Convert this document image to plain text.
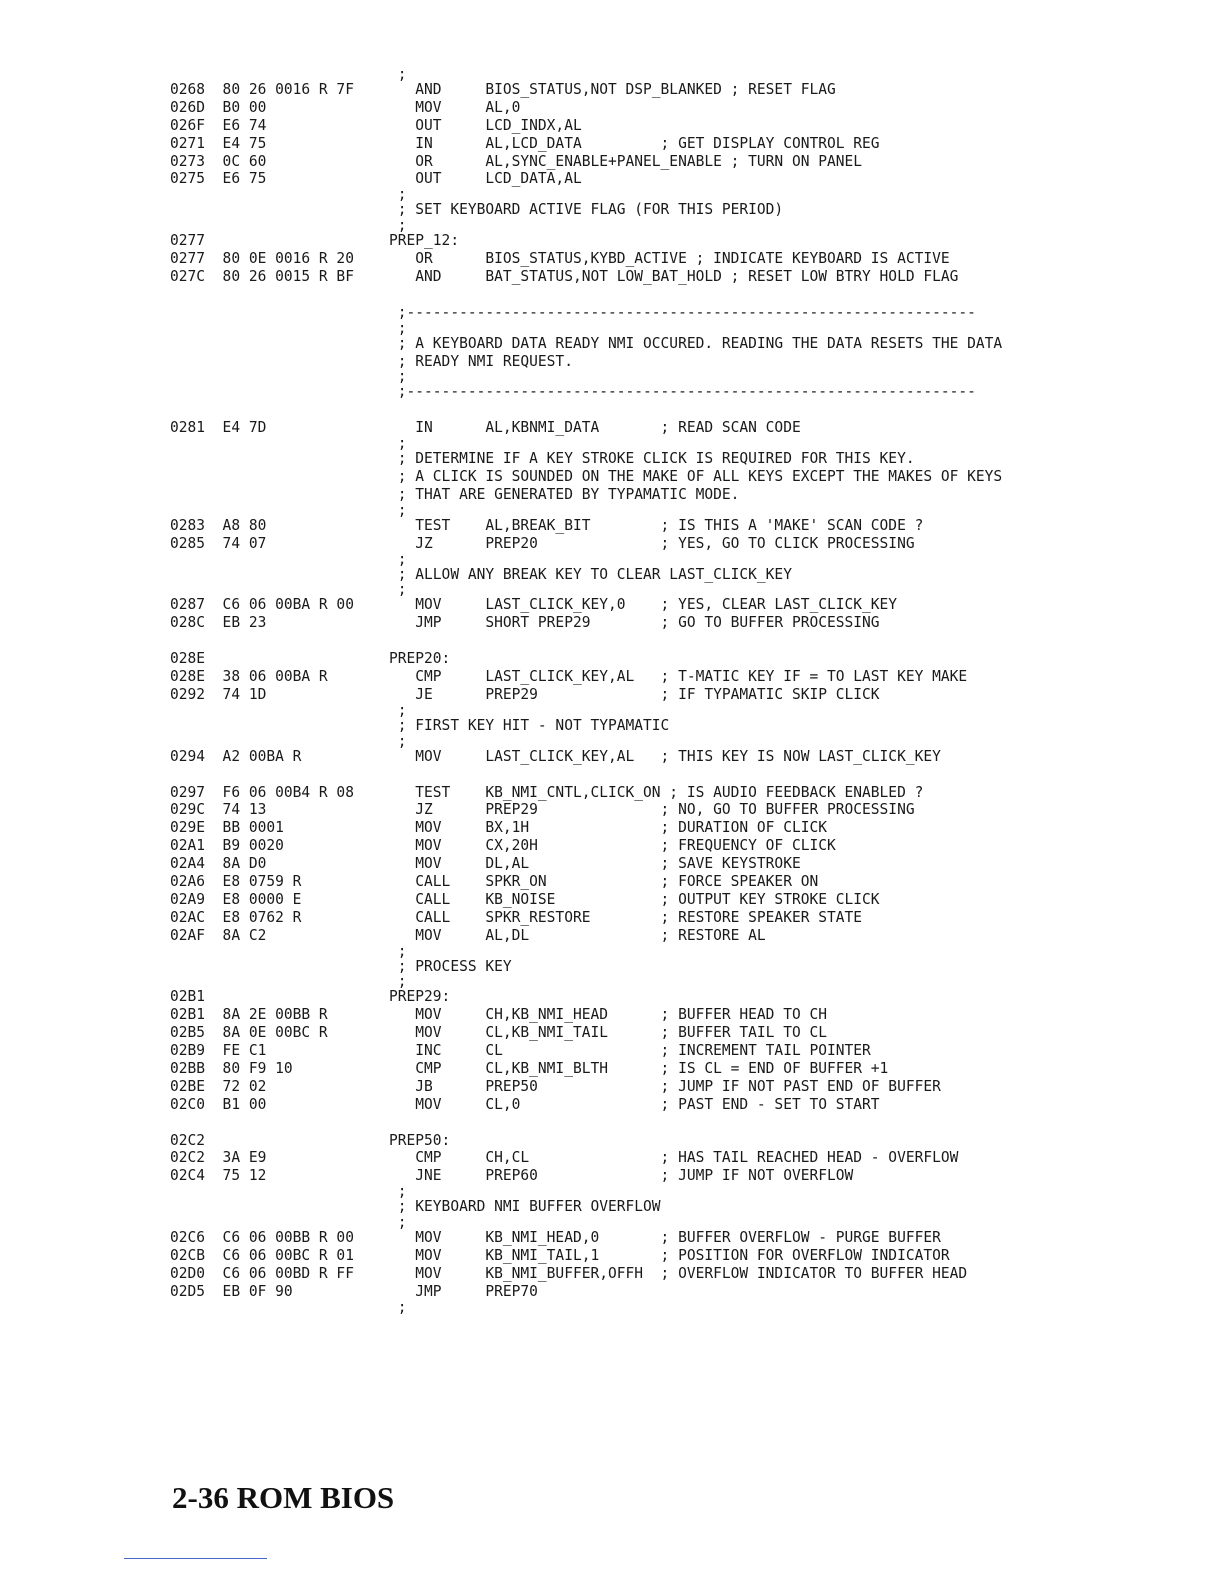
;
0268  80 26 0016 R 7F       AND     BIOS_STATUS,NOT DSP_BLANKED ; RESET FLAG
026D  B0 00                 MOV     AL,0
026F  E6 74                 OUT     LCD_INDX,AL
0271  E4 75                 IN      AL,LCD_DATA         ; GET DISPLAY CONTROL REG
0273  0C 60                 OR      AL,SYNC_ENABLE+PANEL_ENABLE ; TURN ON PANEL
0275  E6 75                 OUT     LCD_DATA,AL
;
; SET KEYBOARD ACTIVE FLAG (FOR THIS PERIOD)
;
0277                     PREP_12:
0277  80 0E 0016 R 20       OR      BIOS_STATUS,KYBD_ACTIVE ; INDICATE KEYBOARD IS ACTIVE
027C  80 26 0015 R BF       AND     BAT_STATUS,NOT LOW_BAT_HOLD ; RESET LOW BTRY HOLD FLAG
;-----------------------------------------------------------------
;
; A KEYBOARD DATA READY NMI OCCURED. READING THE DATA RESETS THE DATA
; READY NMI REQUEST.
;
;-----------------------------------------------------------------
0281  E4 7D                 IN      AL,KBNMI_DATA       ; READ SCAN CODE
;
; DETERMINE IF A KEY STROKE CLICK IS REQUIRED FOR THIS KEY.
; A CLICK IS SOUNDED ON THE MAKE OF ALL KEYS EXCEPT THE MAKES OF KEYS
; THAT ARE GENERATED BY TYPAMATIC MODE.
;
0283  A8 80                 TEST    AL,BREAK_BIT        ; IS THIS A 'MAKE' SCAN CODE ?
0285  74 07                 JZ      PREP20              ; YES, GO TO CLICK PROCESSING
;
; ALLOW ANY BREAK KEY TO CLEAR LAST_CLICK_KEY
;
0287  C6 06 00BA R 00       MOV     LAST_CLICK_KEY,0    ; YES, CLEAR LAST_CLICK_KEY
028C  EB 23                 JMP     SHORT PREP29        ; GO TO BUFFER PROCESSING
028E                     PREP20:
028E  38 06 00BA R          CMP     LAST_CLICK_KEY,AL   ; T-MATIC KEY IF = TO LAST KEY MAKE
0292  74 1D                 JE      PREP29              ; IF TYPAMATIC SKIP CLICK
;
; FIRST KEY HIT - NOT TYPAMATIC
;
0294  A2 00BA R             MOV     LAST_CLICK_KEY,AL   ; THIS KEY IS NOW LAST_CLICK_KEY
0297  F6 06 00B4 R 08       TEST    KB_NMI_CNTL,CLICK_ON ; IS AUDIO FEEDBACK ENABLED ?
029C  74 13                 JZ      PREP29              ; NO, GO TO BUFFER PROCESSING
029E  BB 0001               MOV     BX,1H               ; DURATION OF CLICK
02A1  B9 0020               MOV     CX,20H              ; FREQUENCY OF CLICK
02A4  8A D0                 MOV     DL,AL               ; SAVE KEYSTROKE
02A6  E8 0759 R             CALL    SPKR_ON             ; FORCE SPEAKER ON
02A9  E8 0000 E             CALL    KB_NOISE            ; OUTPUT KEY STROKE CLICK
02AC  E8 0762 R             CALL    SPKR_RESTORE        ; RESTORE SPEAKER STATE
02AF  8A C2                 MOV     AL,DL               ; RESTORE AL
;
; PROCESS KEY
;
02B1                     PREP29:
02B1  8A 2E 00BB R          MOV     CH,KB_NMI_HEAD      ; BUFFER HEAD TO CH
02B5  8A 0E 00BC R          MOV     CL,KB_NMI_TAIL      ; BUFFER TAIL TO CL
02B9  FE C1                 INC     CL                  ; INCREMENT TAIL POINTER
02BB  80 F9 10              CMP     CL,KB_NMI_BLTH      ; IS CL = END OF BUFFER +1
02BE  72 02                 JB      PREP50              ; JUMP IF NOT PAST END OF BUFFER
02C0  B1 00                 MOV     CL,0                ; PAST END - SET TO START
02C2                     PREP50:
02C2  3A E9                 CMP     CH,CL               ; HAS TAIL REACHED HEAD - OVERFLOW
02C4  75 12                 JNE     PREP60              ; JUMP IF NOT OVERFLOW
;
; KEYBOARD NMI BUFFER OVERFLOW
;
02C6  C6 06 00BB R 00       MOV     KB_NMI_HEAD,0       ; BUFFER OVERFLOW - PURGE BUFFER
02CB  C6 06 00BC R 01       MOV     KB_NMI_TAIL,1       ; POSITION FOR OVERFLOW INDICATOR
02D0  C6 06 00BD R FF       MOV     KB_NMI_BUFFER,OFFH  ; OVERFLOW INDICATOR TO BUFFER HEAD
02D5  EB 0F 90              JMP     PREP70
;
2-36 ROM BIOS
